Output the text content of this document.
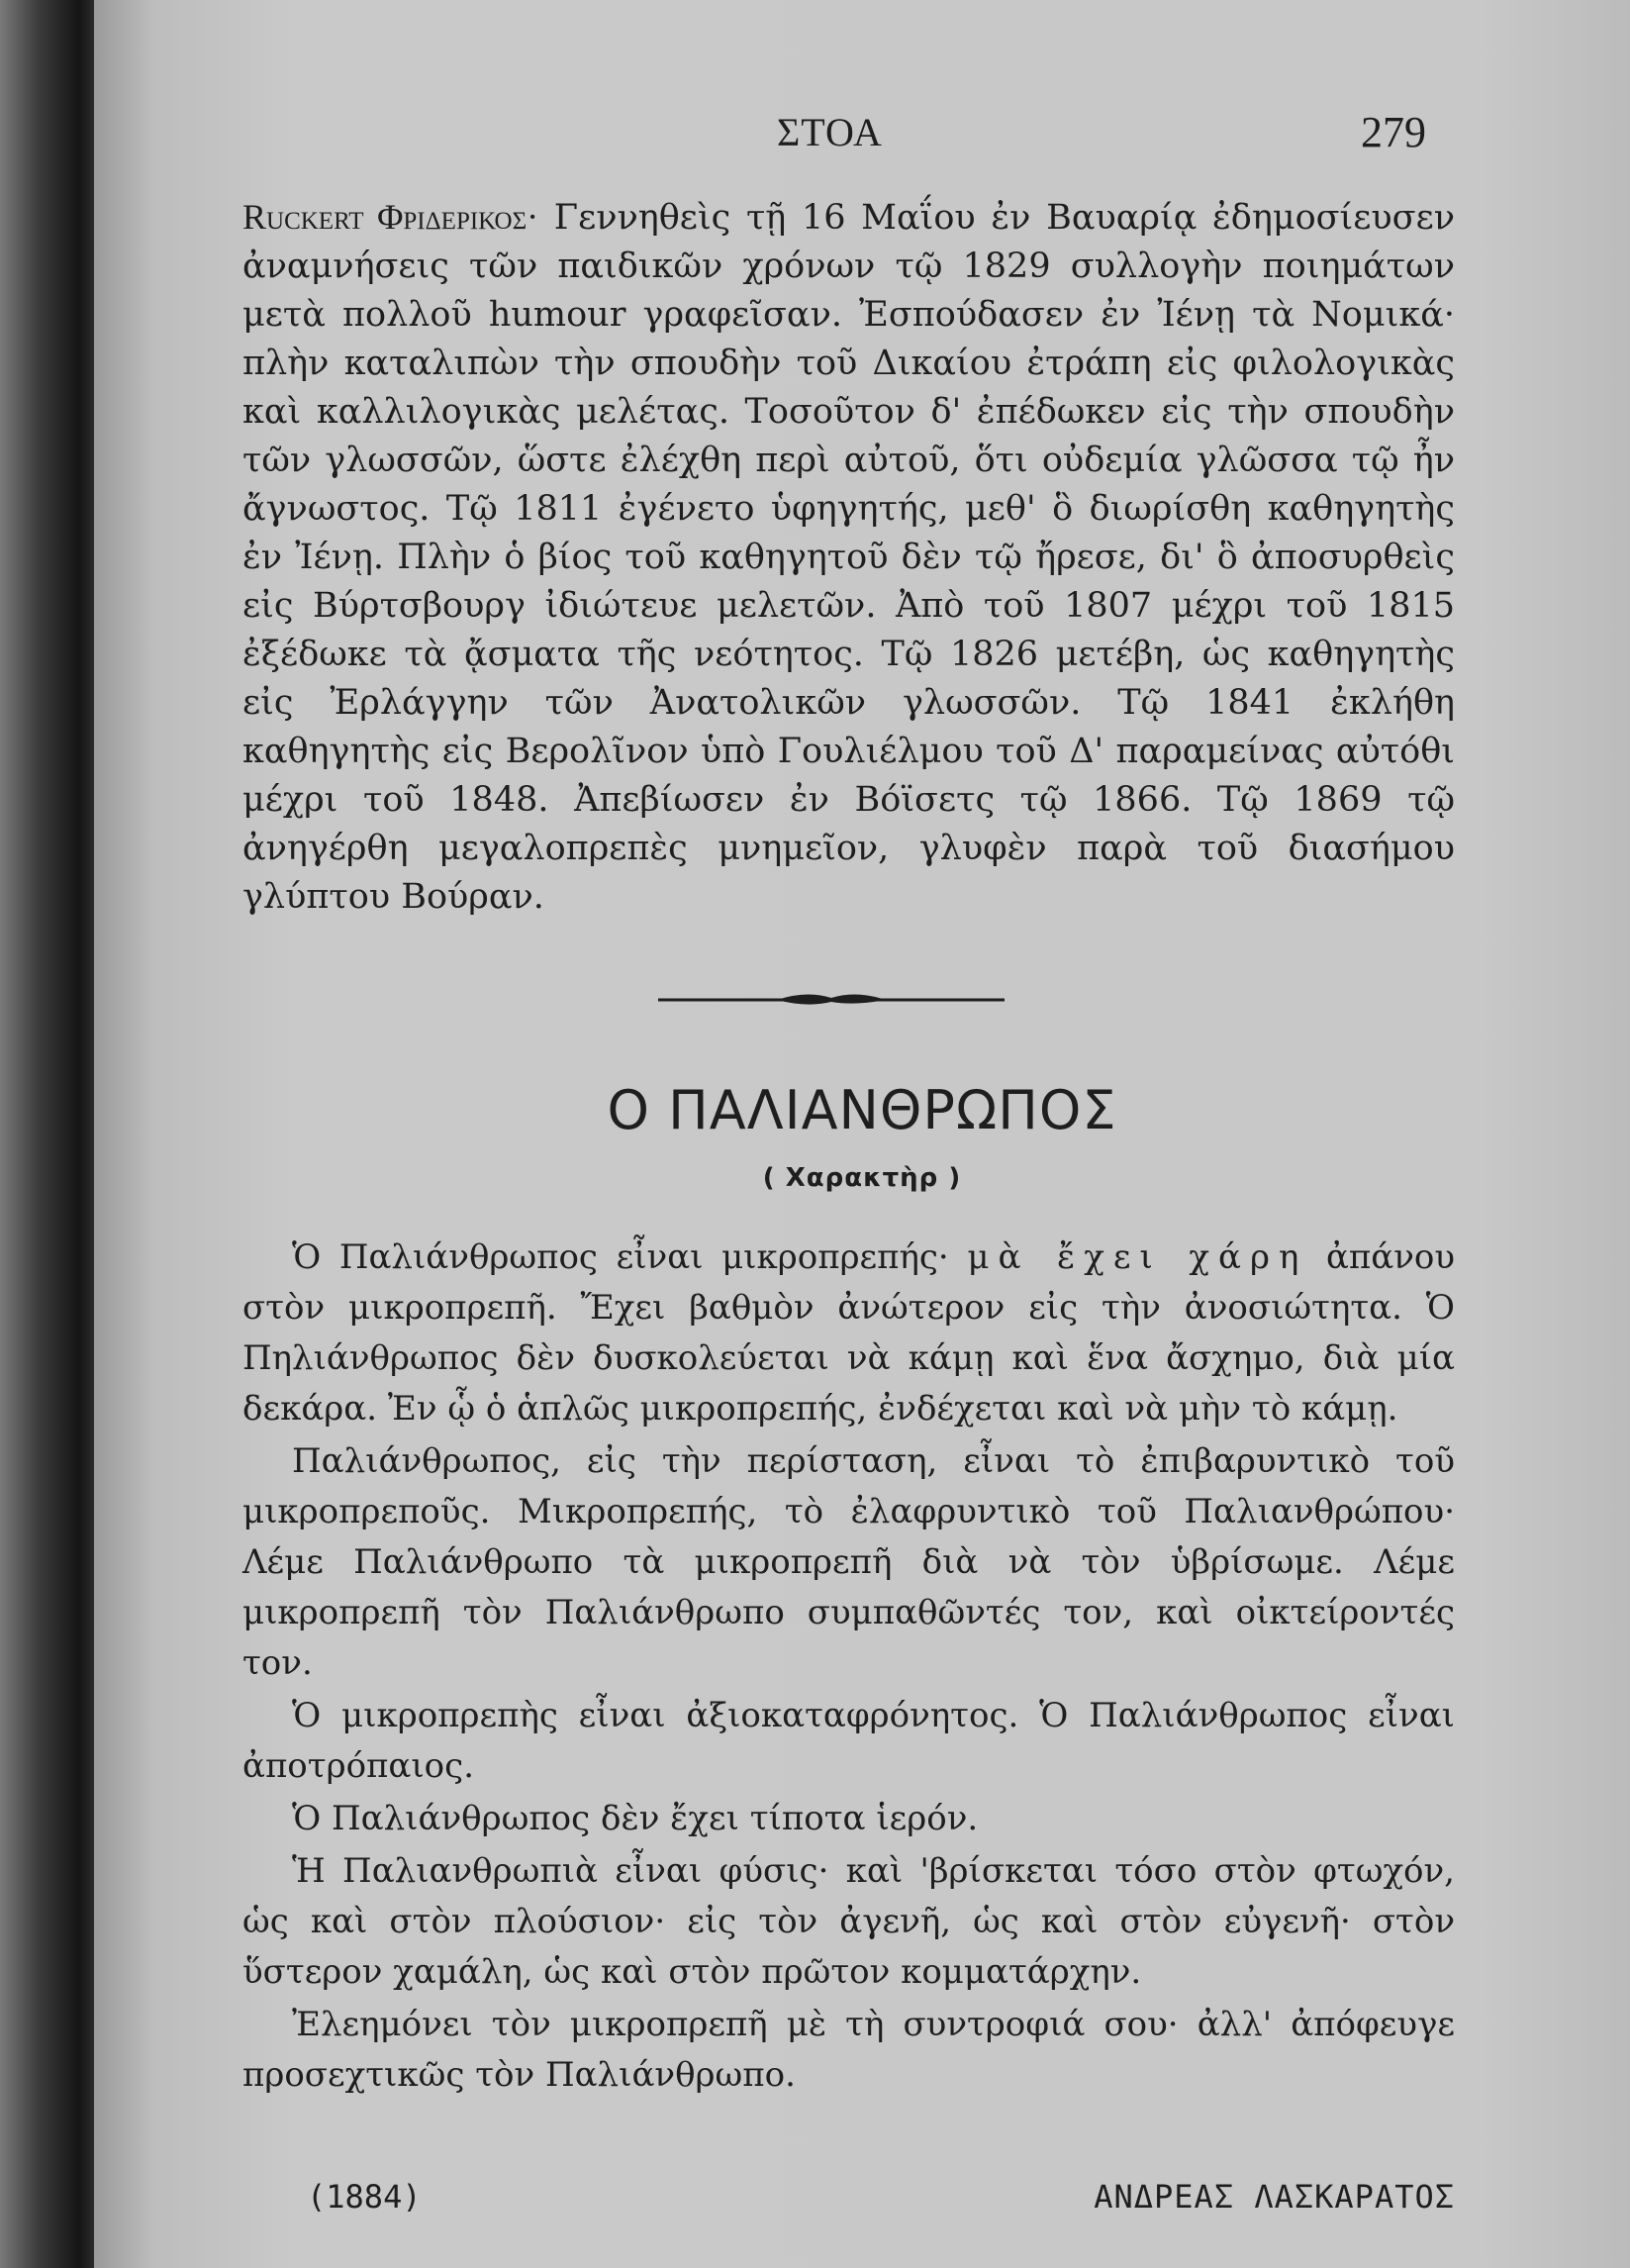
ΣΤΟΑ	279

Ruckert Φριδερικος· Γεννηθεὶς τῇ 16 Μαΐου ἐν Βαυαρίᾳ ἐδημοσίευσεν ἀναμνήσεις τῶν παιδικῶν χρόνων τῷ 1829 συλλογὴν ποιημάτων μετὰ πολλοῦ humour γραφεῖσαν. Ἐσπούδασεν ἐν Ἰένῃ τὰ Νομικά· πλὴν καταλιπὼν τὴν σπουδὴν τοῦ Δικαίου ἐτράπη εἰς φιλολογικὰς καὶ καλλιλογικὰς μελέτας. Τοσοῦτον δ' ἐπέδωκεν εἰς τὴν σπουδὴν τῶν γλωσσῶν, ὥστε ἐλέχθη περὶ αὐτοῦ, ὅτι οὐδεμία γλῶσσα τῷ ἦν ἄγνωστος. Τῷ 1811 ἐγένετο ὑφηγητής, μεθ' ὃ διωρίσθη καθηγητὴς ἐν Ἰένῃ. Πλὴν ὁ βίος τοῦ καθηγητοῦ δὲν τῷ ἤρεσε, δι' ὃ ἀποσυρθεὶς εἰς Βύρτσβουργ ἰδιώτευε μελετῶν. Ἀπὸ τοῦ 1807 μέχρι τοῦ 1815 ἐξέδωκε τὰ ᾄσματα τῆς νεότητος. Τῷ 1826 μετέβη, ὡς καθηγητὴς εἰς Ἐρλάγγην τῶν Ἀνατολικῶν γλωσσῶν. Τῷ 1841 ἐκλήθη καθηγητὴς εἰς Βερολῖνον ὑπὸ Γουλιέλμου τοῦ Δ' παραμείνας αὐτόθι μέχρι τοῦ 1848. Ἀπεβίωσεν ἐν Βόϊσετς τῷ 1866. Τῷ 1869 τῷ ἀνηγέρθη μεγαλοπρεπὲς μνημεῖον, γλυφὲν παρὰ τοῦ διασήμου γλύπτου Βούραν.

Ο ΠΑΛΙΑΝΘΡΩΠΟΣ
( Χαρακτὴρ )

Ὁ Παλιάνθρωπος εἶναι μικροπρεπής· μὰ ἔχει χάρη ἀπάνου στὸν μικροπρεπῆ. Ἔχει βαθμὸν ἀνώτερον εἰς τὴν ἀνοσιώτητα. Ὁ Πηλιάνθρωπος δὲν δυσκολεύεται νὰ κάμῃ καὶ ἕνα ἄσχημο, διὰ μία δεκάρα. Ἐν ᾧ ὁ ἁπλῶς μικροπρεπής, ἐνδέχεται καὶ νὰ μὴν τὸ κάμῃ.

Παλιάνθρωπος, εἰς τὴν περίσταση, εἶναι τὸ ἐπιβαρυντικὸ τοῦ μικροπρεποῦς. Μικροπρεπής, τὸ ἐλαφρυντικὸ τοῦ Παλιανθρώπου· Λέμε Παλιάνθρωπο τὰ μικροπρεπῆ διὰ νὰ τὸν ὑβρίσωμε. Λέμε μικροπρεπῆ τὸν Παλιάνθρωπο συμπαθῶντές τον, καὶ οἰκτείροντές τον.

Ὁ μικροπρεπὴς εἶναι ἀξιοκαταφρόνητος. Ὁ Παλιάνθρωπος εἶναι ἀποτρόπαιος.

Ὁ Παλιάνθρωπος δὲν ἔχει τίποτα ἱερόν.

Ἡ Παλιανθρωπιὰ εἶναι φύσις· καὶ 'βρίσκεται τόσο στὸν φτωχόν, ὡς καὶ στὸν πλούσιον· εἰς τὸν ἀγενῆ, ὡς καὶ στὸν εὐγενῆ· στὸν ὕστερον χαμάλη, ὡς καὶ στὸν πρῶτον κομματάρχην.

Ἐλεημόνει τὸν μικροπρεπῆ μὲ τὴ συντροφιά σου· ἀλλ' ἀπόφευγε προσεχτικῶς τὸν Παλιάνθρωπο.

(1884)	ΑΝΔΡΕΑΣ ΛΑΣΚΑΡΑΤΟΣ
